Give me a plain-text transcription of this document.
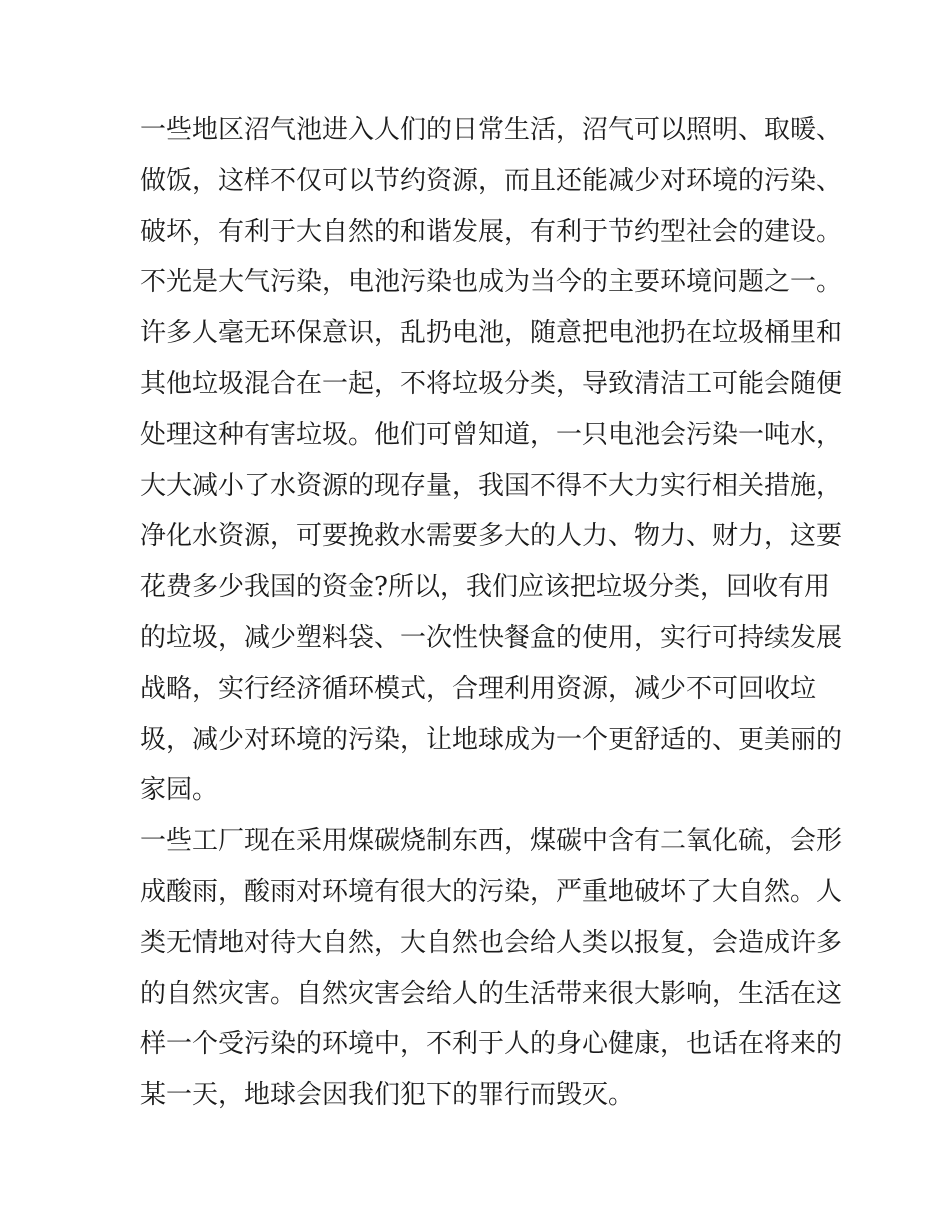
一些地区沼气池进入人们的日常生活，沼气可以照明、取暖、
做饭，这样不仅可以节约资源，而且还能减少对环境的污染、
破坏，有利于大自然的和谐发展，有利于节约型社会的建设。
不光是大气污染，电池污染也成为当今的主要环境问题之一。
许多人毫无环保意识，乱扔电池，随意把电池扔在垃圾桶里和
其他垃圾混合在一起，不将垃圾分类，导致清洁工可能会随便
处理这种有害垃圾。他们可曾知道，一只电池会污染一吨水，
大大减小了水资源的现存量，我国不得不大力实行相关措施，
净化水资源，可要挽救水需要多大的人力、物力、财力，这要
花费多少我国的资金?所以，我们应该把垃圾分类，回收有用
的垃圾，减少塑料袋、一次性快餐盒的使用，实行可持续发展
战略，实行经济循环模式，合理利用资源，减少不可回收垃
圾，减少对环境的污染，让地球成为一个更舒适的、更美丽的
家园。
一些工厂现在采用煤碳烧制东西，煤碳中含有二氧化硫，会形
成酸雨，酸雨对环境有很大的污染，严重地破坏了大自然。人
类无情地对待大自然，大自然也会给人类以报复，会造成许多
的自然灾害。自然灾害会给人的生活带来很大影响，生活在这
样一个受污染的环境中，不利于人的身心健康，也话在将来的
某一天，地球会因我们犯下的罪行而毁灭。
